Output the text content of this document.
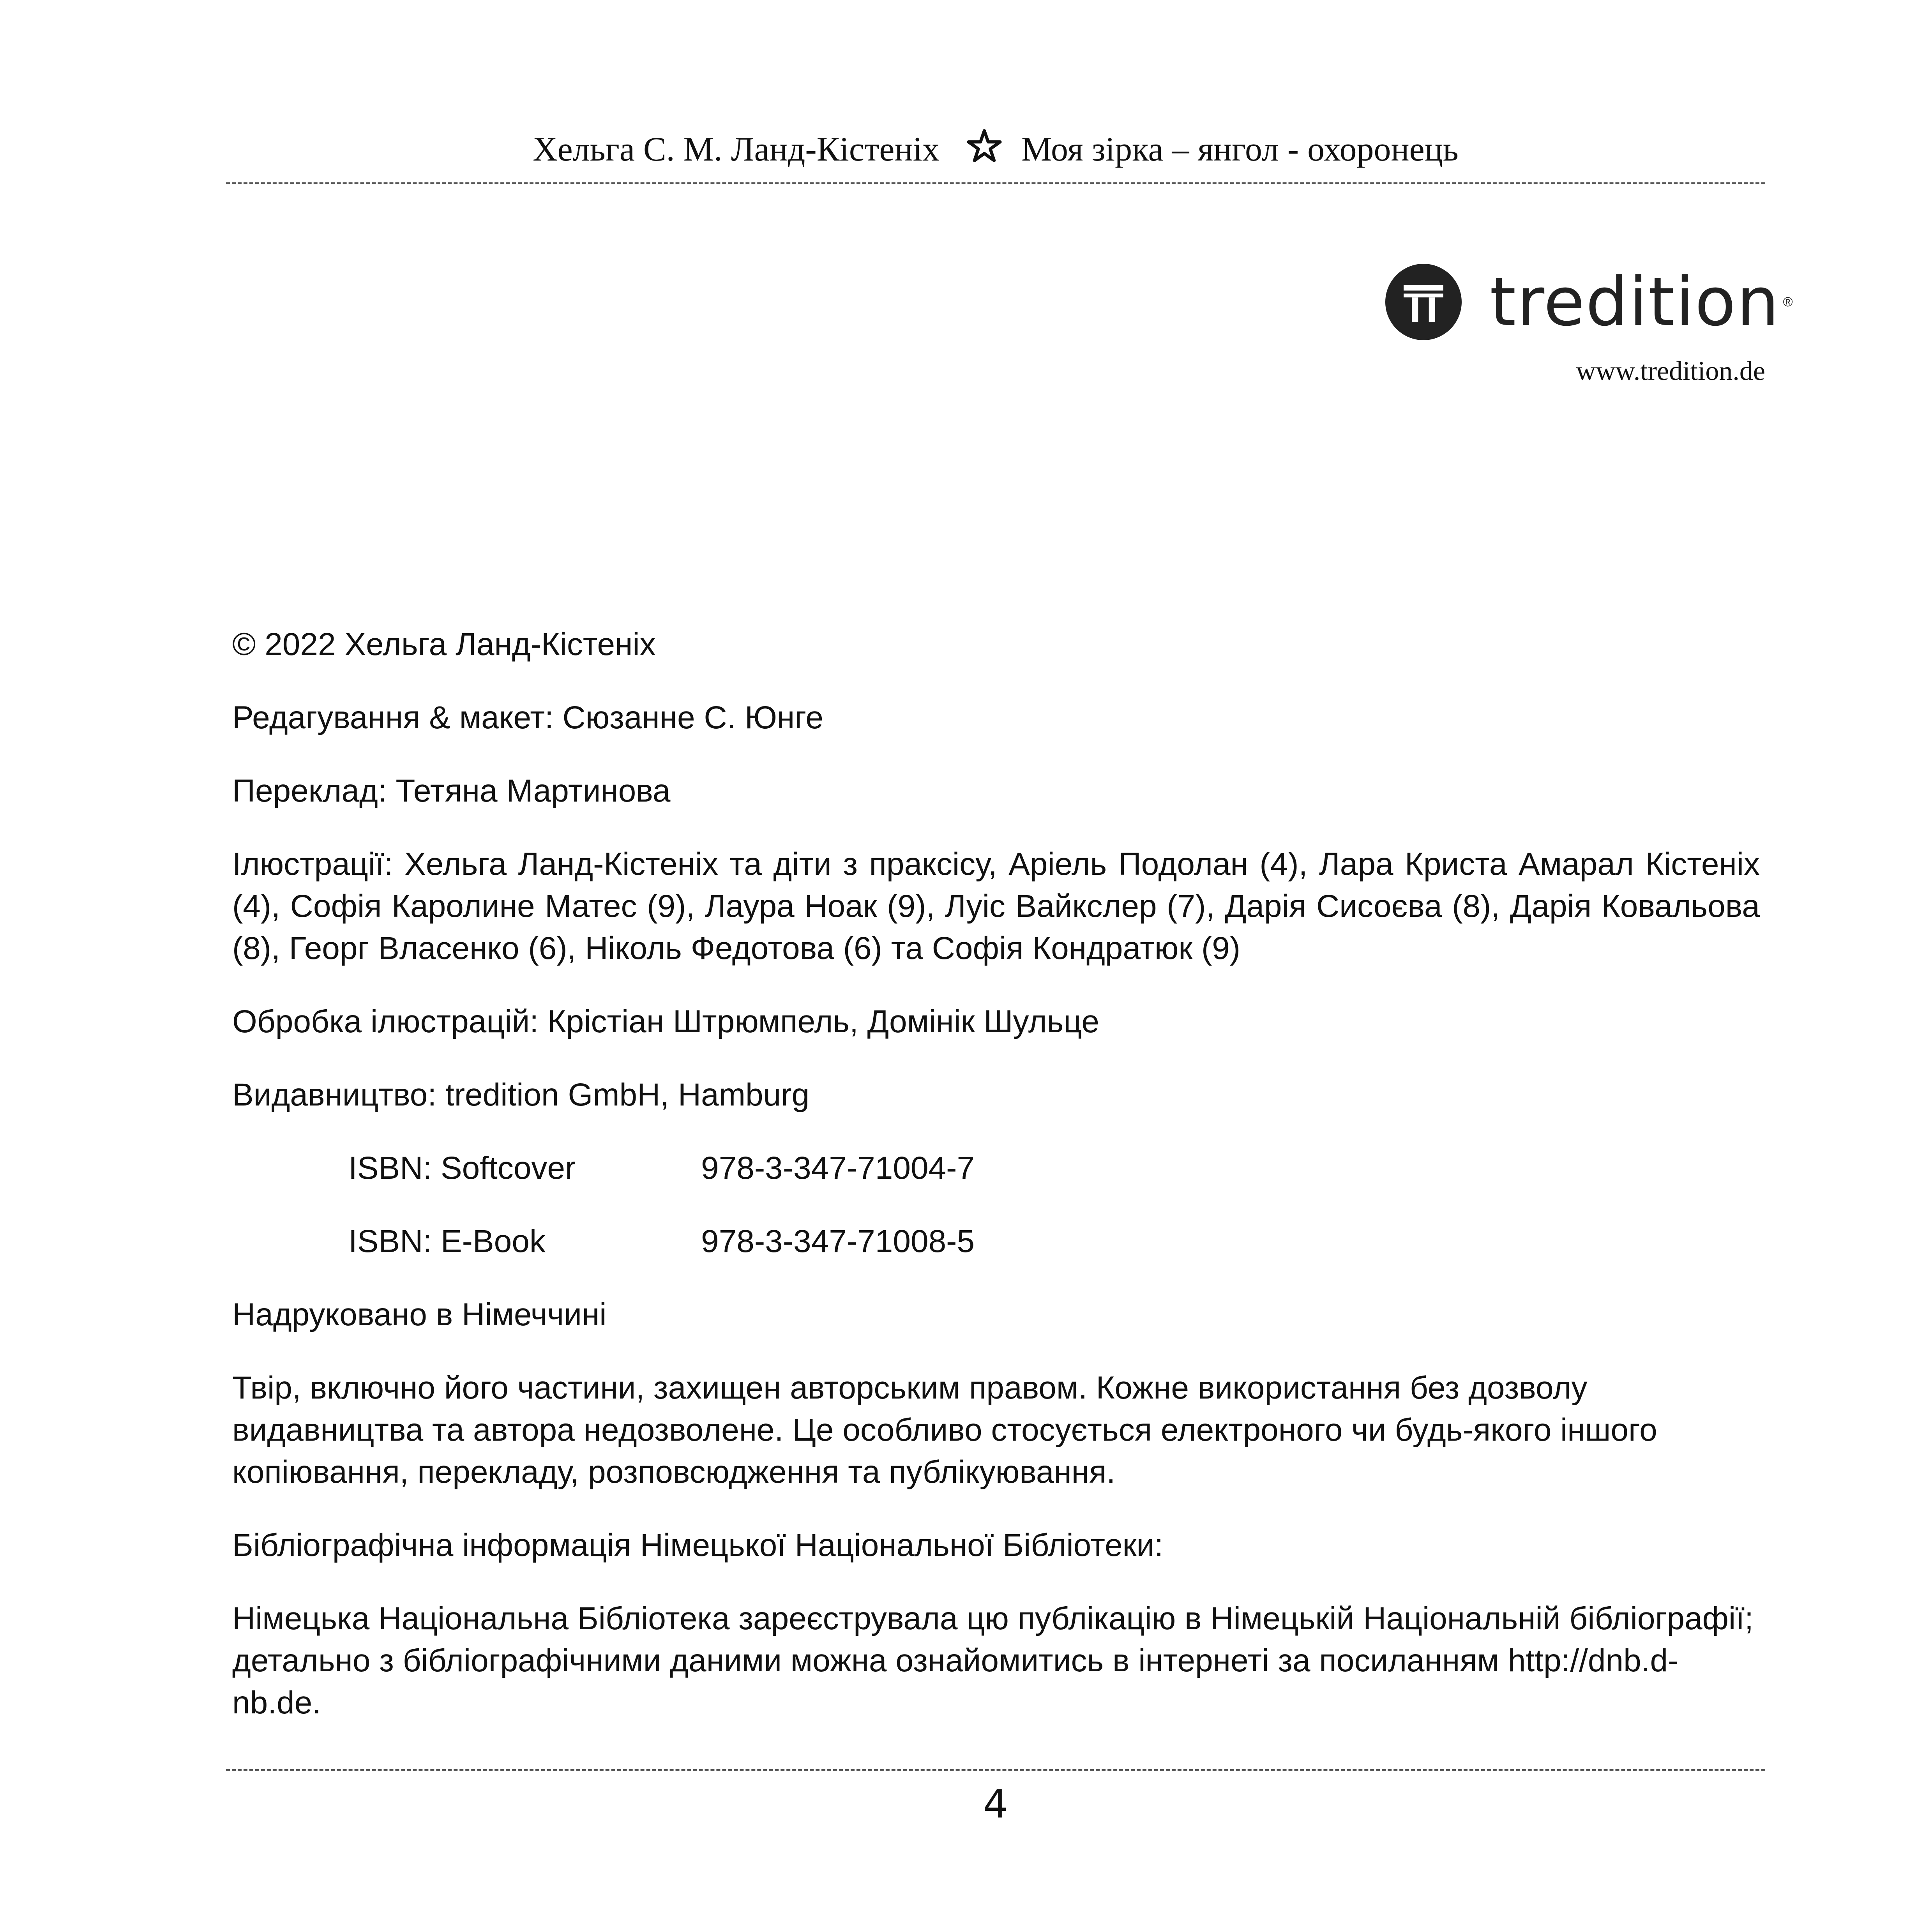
Хельга С. М. Ланд-Кістеніх Моя зірка – янгол - охоронець
tredition ®
www.tredition.de

© 2022 Хельга Ланд-Кістеніх

Редагування & макет: Сюзанне С. Юнге

Переклад: Тетяна Мартинова

Ілюстрації: Хельга Ланд-Кістеніх та діти з праксісу, Аріель Подолан (4), Лара Криста Амарал Кістеніх (4), Софія Каролине Матес (9), Лаура Ноак (9), Луіс Вайкслер (7), Дарія Сисоєва (8), Дарія Ковальова (8), Георг Власенко (6), Ніколь Федотова (6) та Софія Кондратюк (9)

Обробка ілюстрацій: Крістіан Штрюмпель, Домінік Шульце

Видавництво: tredition GmbH, Hamburg

ISBN: Softcover	978-3-347-71004-7
ISBN: E-Book	978-3-347-71008-5

Надруковано в Німеччині

Твір, включно його частини, захищен авторським правом. Кожне використання без дозволу видавництва та автора недозволене. Це особливо стосується електроного чи будь-якого іншого копіювання, перекладу, розповсюдження та публікуювання.

Бібліографічна інформація Німецької Національної Бібліотеки:

Німецька Національна Бібліотека зареєструвала цю публікацію в Німецькій Національній бібліографії; детально з бібліографічними даними можна ознайомитись в інтернеті за посиланням http://dnb.d-nb.de.

4
